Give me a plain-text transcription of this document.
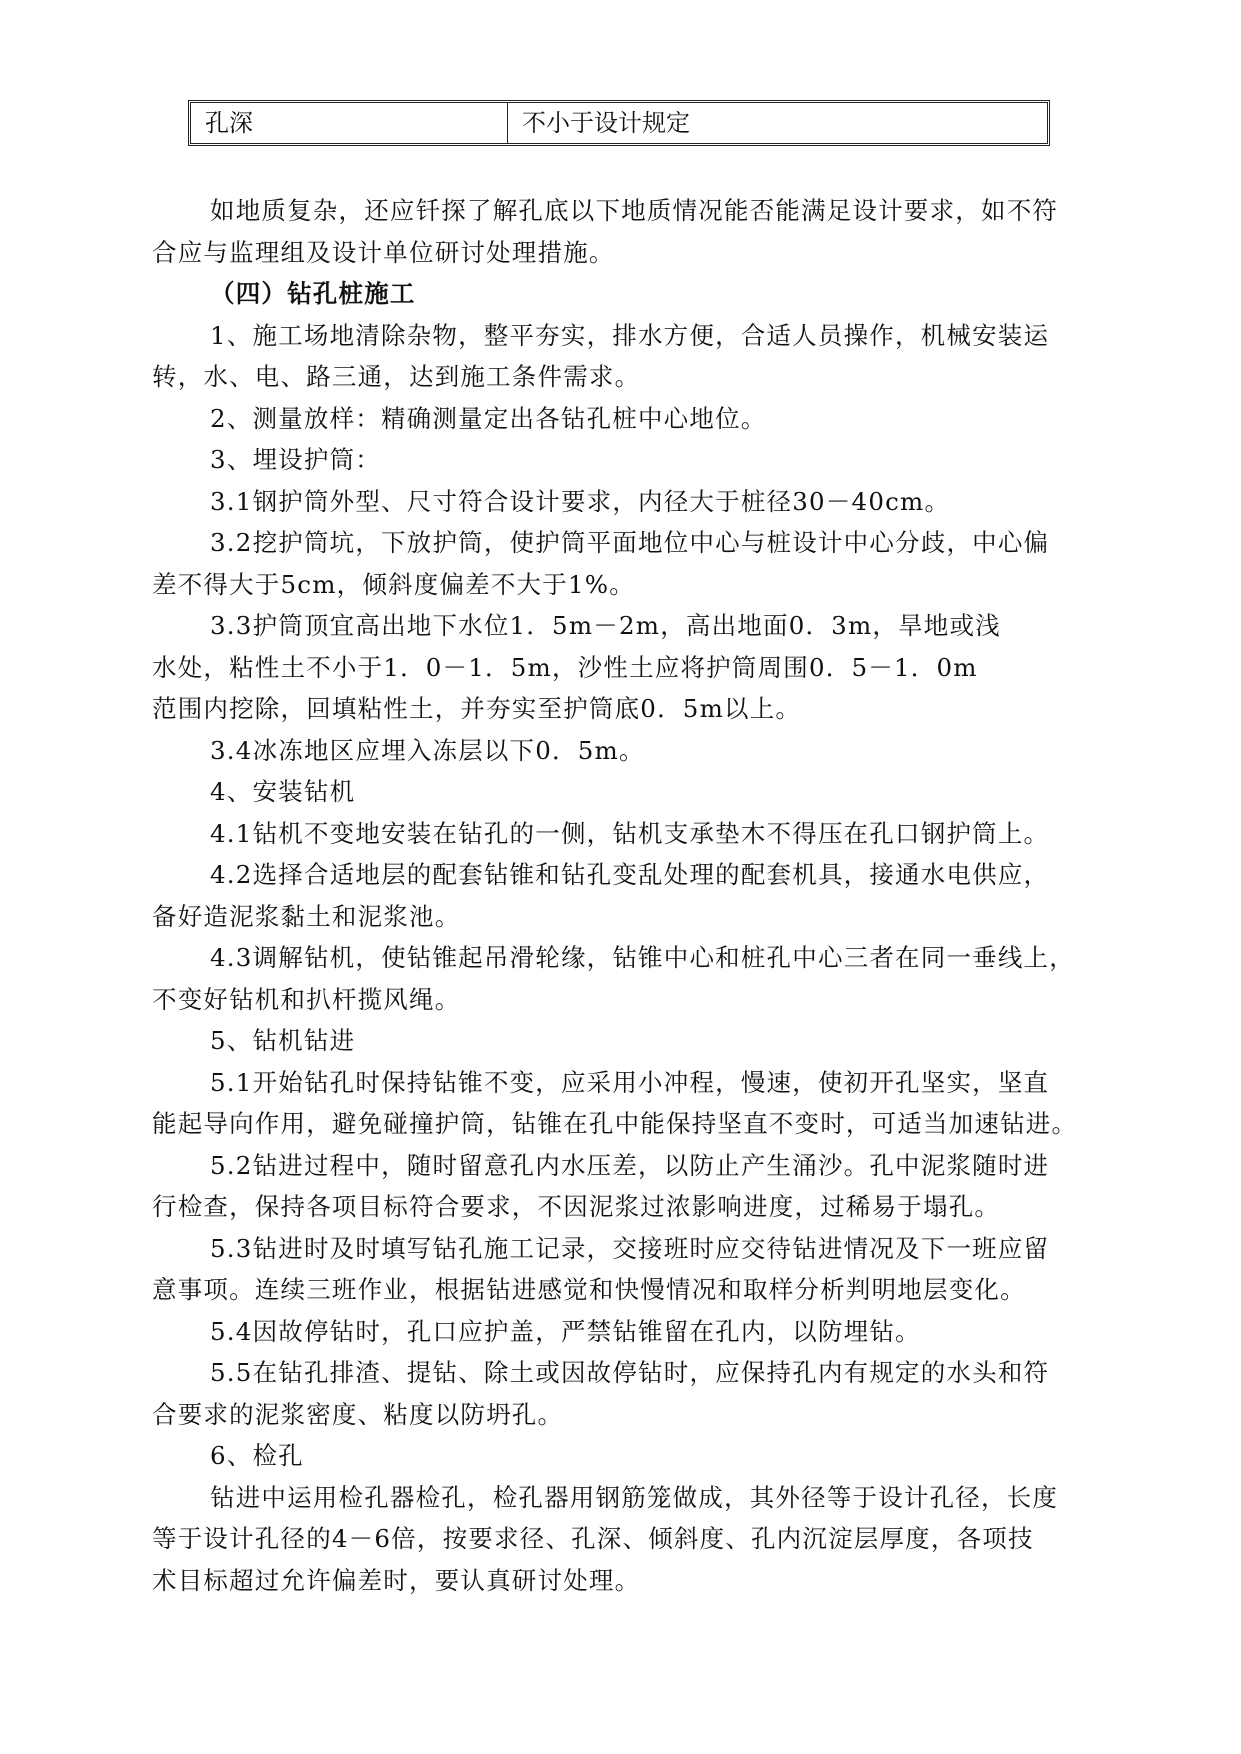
孔深	不小于设计规定

如地质复杂，还应钎探了解孔底以下地质情况能否能满足设计要求，如不符
合应与监理组及设计单位研讨处理措施。

（四）钻孔桩施工

1、施工场地清除杂物，整平夯实，排水方便，合适人员操作，机械安装运
转，水、电、路三通，达到施工条件需求。

2、测量放样：精确测量定出各钻孔桩中心地位。

3、埋设护筒：

3.1钢护筒外型、尺寸符合设计要求，内径大于桩径30－40cm。

3.2挖护筒坑，下放护筒，使护筒平面地位中心与桩设计中心分歧，中心偏
差不得大于5cm，倾斜度偏差不大于1%。

3.3护筒顶宜高出地下水位1．5m－2m，高出地面0．3m，旱地或浅
水处，粘性土不小于1．0－1．5m，沙性土应将护筒周围0．5－1．0m
范围内挖除，回填粘性土，并夯实至护筒底0．5m以上。

3.4冰冻地区应埋入冻层以下0．5m。

4、安装钻机

4.1钻机不变地安装在钻孔的一侧，钻机支承垫木不得压在孔口钢护筒上。

4.2选择合适地层的配套钻锥和钻孔变乱处理的配套机具，接通水电供应，
备好造泥浆黏土和泥浆池。

4.3调解钻机，使钻锥起吊滑轮缘，钻锥中心和桩孔中心三者在同一垂线上，
不变好钻机和扒杆揽风绳。

5、钻机钻进

5.1开始钻孔时保持钻锥不变，应采用小冲程，慢速，使初开孔坚实，坚直
能起导向作用，避免碰撞护筒，钻锥在孔中能保持坚直不变时，可适当加速钻进。

5.2钻进过程中，随时留意孔内水压差，以防止产生涌沙。孔中泥浆随时进
行检查，保持各项目标符合要求，不因泥浆过浓影响进度，过稀易于塌孔。

5.3钻进时及时填写钻孔施工记录，交接班时应交待钻进情况及下一班应留
意事项。连续三班作业，根据钻进感觉和快慢情况和取样分析判明地层变化。

5.4因故停钻时，孔口应护盖，严禁钻锥留在孔内，以防埋钻。

5.5在钻孔排渣、提钻、除土或因故停钻时，应保持孔内有规定的水头和符
合要求的泥浆密度、粘度以防坍孔。

6、检孔

钻进中运用检孔器检孔，检孔器用钢筋笼做成，其外径等于设计孔径，长度
等于设计孔径的4－6倍，按要求径、孔深、倾斜度、孔内沉淀层厚度，各项技
术目标超过允许偏差时，要认真研讨处理。
